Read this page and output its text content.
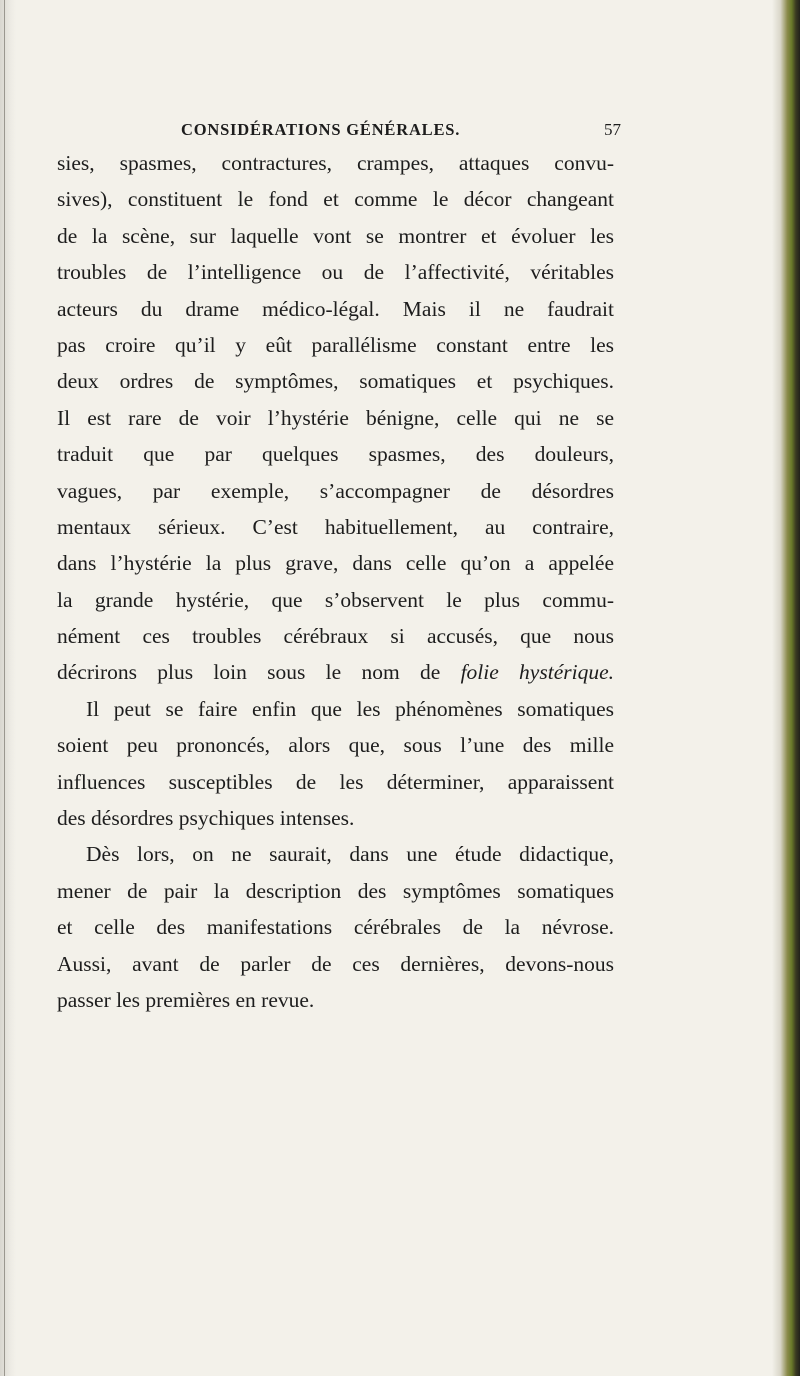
CONSIDÉRATIONS GÉNÉRALES.	57
sies, spasmes, contractures, crampes, attaques convu-
sives), constituent le fond et comme le décor changeant
de la scène, sur laquelle vont se montrer et évoluer les
troubles de l’intelligence ou de l’affectivité, véritables
acteurs du drame médico-légal. Mais il ne faudrait
pas croire qu’il y eût parallélisme constant entre les
deux ordres de symptômes, somatiques et psychiques.
Il est rare de voir l’hystérie bénigne, celle qui ne se
traduit que par quelques spasmes, des douleurs,
vagues, par exemple, s’accompagner de désordres
mentaux sérieux. C’est habituellement, au contraire,
dans l’hystérie la plus grave, dans celle qu’on a appelée
la grande hystérie, que s’observent le plus commu-
nément ces troubles cérébraux si accusés, que nous
décrirons plus loin sous le nom de folie hystérique.
Il peut se faire enfin que les phénomènes somatiques
soient peu prononcés, alors que, sous l’une des mille
influences susceptibles de les déterminer, apparaissent
des désordres psychiques intenses.
Dès lors, on ne saurait, dans une étude didactique,
mener de pair la description des symptômes somatiques
et celle des manifestations cérébrales de la névrose.
Aussi, avant de parler de ces dernières, devons-nous
passer les premières en revue.
